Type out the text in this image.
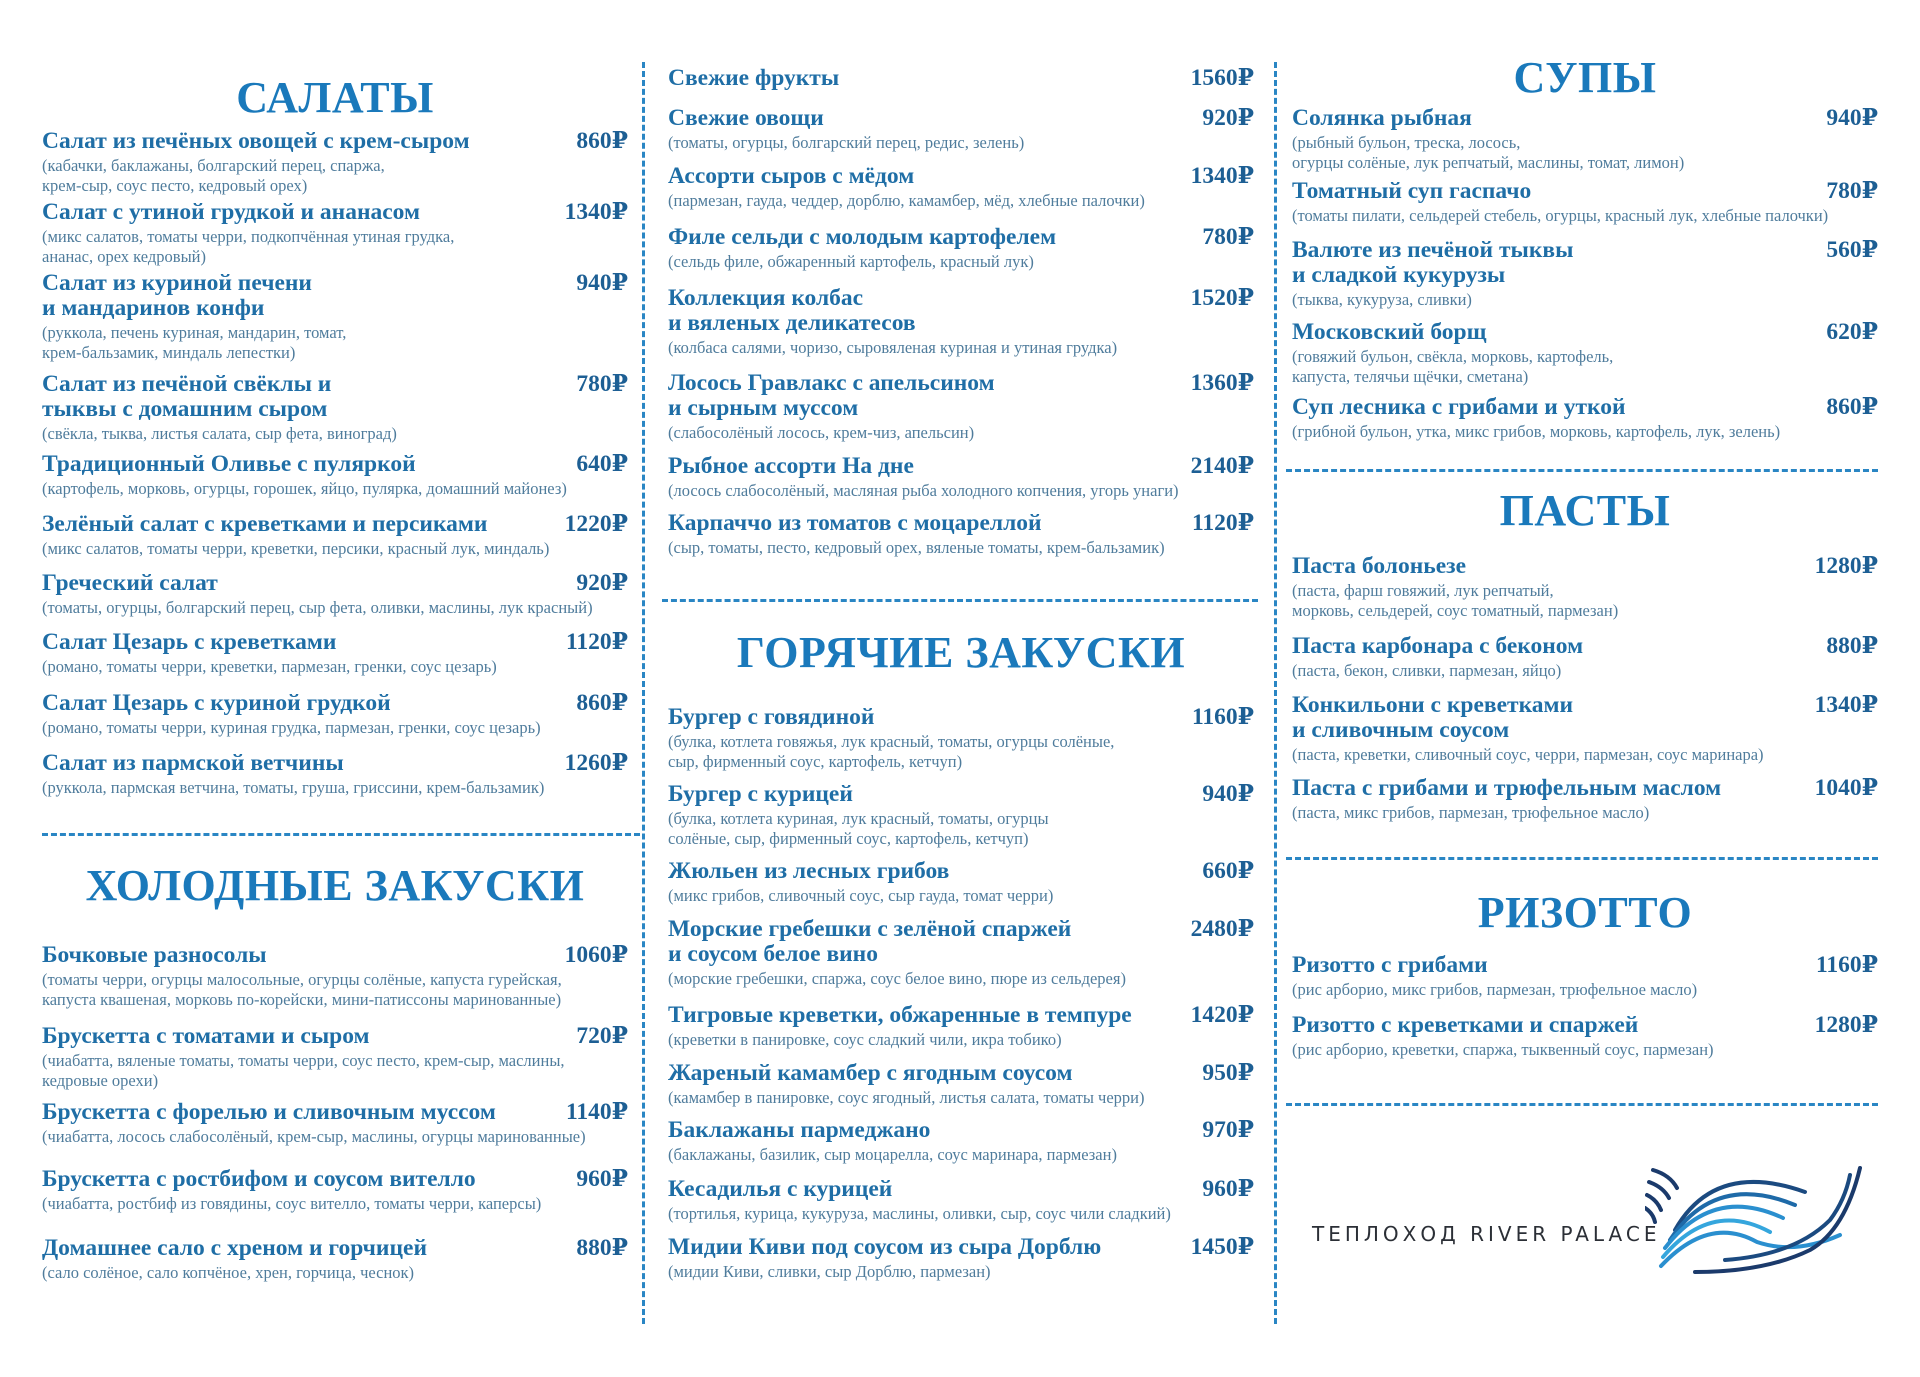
САЛАТЫ
ХОЛОДНЫЕ ЗАКУСКИ
ГОРЯЧИЕ ЗАКУСКИ
СУПЫ
ПАСТЫ
РИЗОТТО
Салат из печёных овощей с крем-сыром	860₽
(кабачки, баклажаны, болгарский перец, спаржа,
крем-сыр, соус песто, кедровый орех)
Салат с утиной грудкой и ананасом	1340₽
(микс салатов, томаты черри, подкопчённая утиная грудка,
ананас, орех кедровый)
Салат из куриной печени
и мандаринов конфи
940₽
(руккола, печень куриная, мандарин, томат,
крем-бальзамик, миндаль лепестки)
Салат из печёной свёклы и
тыквы с домашним сыром
780₽
(свёкла, тыква, листья салата, сыр фета, виноград)
Традиционный Оливье с пуляркой	640₽
(картофель, морковь, огурцы, горошек, яйцо, пулярка, домашний майонез)
Зелёный салат с креветками и персиками	1220₽
(микс салатов, томаты черри, креветки, персики, красный лук, миндаль)
Греческий салат	920₽
(томаты, огурцы, болгарский перец, сыр фета, оливки, маслины, лук красный)
Салат Цезарь с креветками	1120₽
(романо, томаты черри, креветки, пармезан, гренки, соус цезарь)
Салат Цезарь с куриной грудкой	860₽
(романо, томаты черри, куриная грудка, пармезан, гренки, соус цезарь)
Салат из пармской ветчины	1260₽
(руккола, пармская ветчина, томаты, груша, гриссини, крем-бальзамик)
Бочковые разносолы	1060₽
(томаты черри, огурцы малосольные, огурцы солёные, капуста гурейская,
капуста квашеная, морковь по-корейски, мини-патиссоны маринованные)
Брускетта с томатами и сыром	720₽
(чиабатта, вяленые томаты, томаты черри, соус песто, крем-сыр, маслины,
кедровые орехи)
Брускетта с форелью и сливочным муссом	1140₽
(чиабатта, лосось слабосолёный, крем-сыр, маслины, огурцы маринованные)
Брускетта с ростбифом и соусом вителло	960₽
(чиабатта, ростбиф из говядины, соус вителло, томаты черри, каперсы)
Домашнее сало с хреном и горчицей	880₽
(сало солёное, сало копчёное, хрен, горчица, чеснок)
Свежие фрукты	1560₽
Свежие овощи	920₽
(томаты, огурцы, болгарский перец, редис, зелень)
Ассорти сыров с мёдом	1340₽
(пармезан, гауда, чеддер, дорблю, камамбер, мёд, хлебные палочки)
Филе сельди с молодым картофелем	780₽
(сельдь филе, обжаренный картофель, красный лук)
Коллекция колбас
и вяленых деликатесов
1520₽
(колбаса салями, чоризо, сыровяленая куриная и утиная грудка)
Лосось Гравлакс с апельсином
и сырным муссом
1360₽
(слабосолёный лосось, крем-чиз, апельсин)
Рыбное ассорти На дне	2140₽
(лосось слабосолёный, масляная рыба холодного копчения, угорь унаги)
Карпаччо из томатов с моцареллой	1120₽
(сыр, томаты, песто, кедровый орех, вяленые томаты, крем-бальзамик)
Бургер с говядиной	1160₽
(булка, котлета говяжья, лук красный, томаты, огурцы солёные,
сыр, фирменный соус, картофель, кетчуп)
Бургер с курицей	940₽
(булка, котлета куриная, лук красный, томаты, огурцы
солёные, сыр, фирменный соус, картофель, кетчуп)
Жюльен из лесных грибов	660₽
(микс грибов, сливочный соус, сыр гауда, томат черри)
Морские гребешки с зелёной спаржей
и соусом белое вино
2480₽
(морские гребешки, спаржа, соус белое вино, пюре из сельдерея)
Тигровые креветки, обжаренные в темпуре	1420₽
(креветки в панировке, соус сладкий чили, икра тобико)
Жареный камамбер с ягодным соусом	950₽
(камамбер в панировке, соус ягодный, листья салата, томаты черри)
Баклажаны пармеджано	970₽
(баклажаны, базилик, сыр моцарелла, соус маринара, пармезан)
Кесадилья с курицей	960₽
(тортилья, курица, кукуруза, маслины, оливки, сыр, соус чили сладкий)
Мидии Киви под соусом из сыра Дорблю	1450₽
(мидии Киви, сливки, сыр Дорблю, пармезан)
Солянка рыбная	940₽
(рыбный бульон, треска, лосось,
огурцы солёные, лук репчатый, маслины, томат, лимон)
Томатный суп гаспачо	780₽
(томаты пилати, сельдерей стебель, огурцы, красный лук, хлебные палочки)
Валюте из печёной тыквы
и сладкой кукурузы
560₽
(тыква, кукуруза, сливки)
Московский борщ	620₽
(говяжий бульон, свёкла, морковь, картофель,
капуста, телячьи щёчки, сметана)
Суп лесника с грибами и уткой	860₽
(грибной бульон, утка, микс грибов, морковь, картофель, лук, зелень)
Паста болоньезе	1280₽
(паста, фарш говяжий, лук репчатый,
морковь, сельдерей, соус томатный, пармезан)
Паста карбонара с беконом	880₽
(паста, бекон, сливки, пармезан, яйцо)
Конкильони с креветками
и сливочным соусом
1340₽
(паста, креветки, сливочный соус, черри, пармезан, соус маринара)
Паста с грибами и трюфельным маслом	1040₽
(паста, микс грибов, пармезан, трюфельное масло)
Ризотто с грибами	1160₽
(рис арборио, микс грибов, пармезан, трюфельное масло)
Ризотто с креветками и спаржей	1280₽
(рис арборио, креветки, спаржа, тыквенный соус, пармезан)
ТЕПЛОХОД RIVER PALACE
